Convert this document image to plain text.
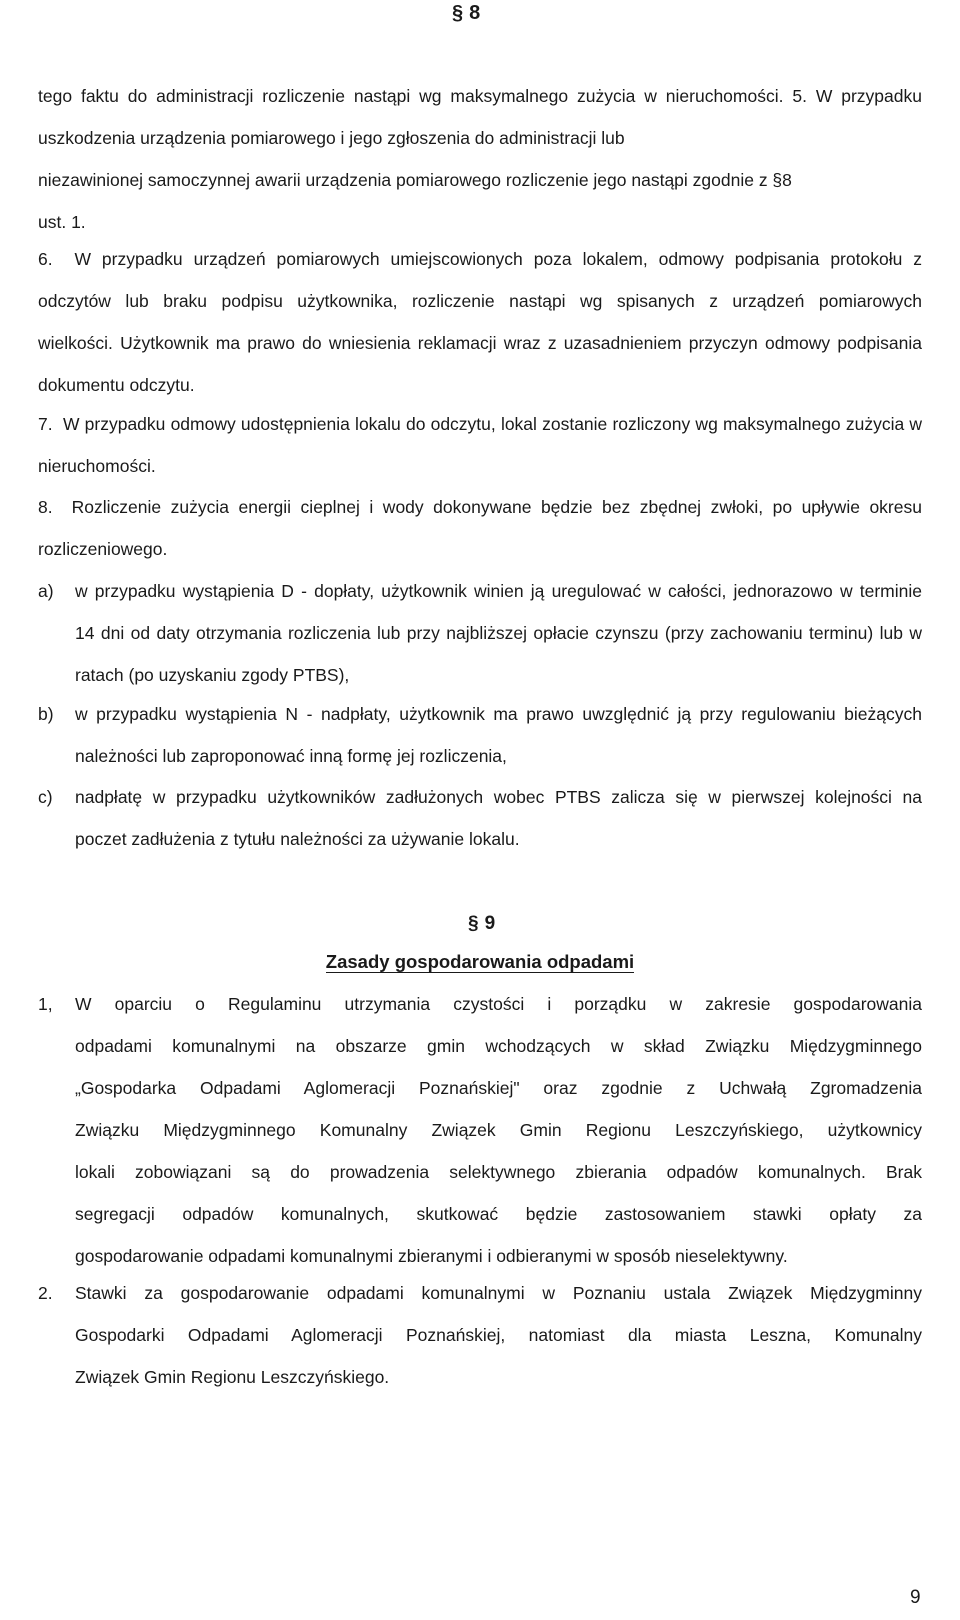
§ 8
tego faktu do administracji rozliczenie nastąpi wg maksymalnego zużycia w nieruchomości. 5. W przypadku
uszkodzenia urządzenia pomiarowego i jego zgłoszenia do administracji lub
niezawinionej samoczynnej awarii urządzenia pomiarowego rozliczenie jego nastąpi zgodnie z §8
ust. 1.
6. W przypadku urządzeń pomiarowych umiejscowionych poza lokalem, odmowy podpisania protokołu z
odczytów lub braku podpisu użytkownika, rozliczenie nastąpi wg spisanych z urządzeń pomiarowych
wielkości. Użytkownik ma prawo do wniesienia reklamacji wraz z uzasadnieniem przyczyn odmowy podpisania
dokumentu odczytu.
7. W przypadku odmowy udostępnienia lokalu do odczytu, lokal zostanie rozliczony wg maksymalnego zużycia w
nieruchomości.
8. Rozliczenie zużycia energii cieplnej i wody dokonywane będzie bez zbędnej zwłoki, po upływie okresu
rozliczeniowego.
a)	w przypadku wystąpienia D - dopłaty, użytkownik winien ją uregulować w całości, jednorazowo w terminie
14 dni od daty otrzymania rozliczenia lub przy najbliższej opłacie czynszu (przy zachowaniu terminu) lub w
ratach (po uzyskaniu zgody PTBS),
b)	w przypadku wystąpienia N - nadpłaty, użytkownik ma prawo uwzględnić ją przy regulowaniu bieżących
należności lub zaproponować inną formę jej rozliczenia,
c)	nadpłatę w przypadku użytkowników zadłużonych wobec PTBS zalicza się w pierwszej kolejności na
poczet zadłużenia z tytułu należności za używanie lokalu.
§ 9
Zasady gospodarowania odpadami
1,	W oparciu o Regulaminu utrzymania czystości i porządku w zakresie gospodarowania
odpadami komunalnymi na obszarze gmin wchodzących w skład Związku Międzygminnego
„Gospodarka Odpadami Aglomeracji Poznańskiej" oraz zgodnie z Uchwałą Zgromadzenia
Związku Międzygminnego Komunalny Związek Gmin Regionu Leszczyńskiego, użytkownicy
lokali zobowiązani są do prowadzenia selektywnego zbierania odpadów komunalnych. Brak
segregacji odpadów komunalnych, skutkować będzie zastosowaniem stawki opłaty za
gospodarowanie odpadami komunalnymi zbieranymi i odbieranymi w sposób nieselektywny.
2.	Stawki za gospodarowanie odpadami komunalnymi w Poznaniu ustala Związek Międzygminny
Gospodarki Odpadami Aglomeracji Poznańskiej, natomiast dla miasta Leszna, Komunalny
Związek Gmin Regionu Leszczyńskiego.
9
